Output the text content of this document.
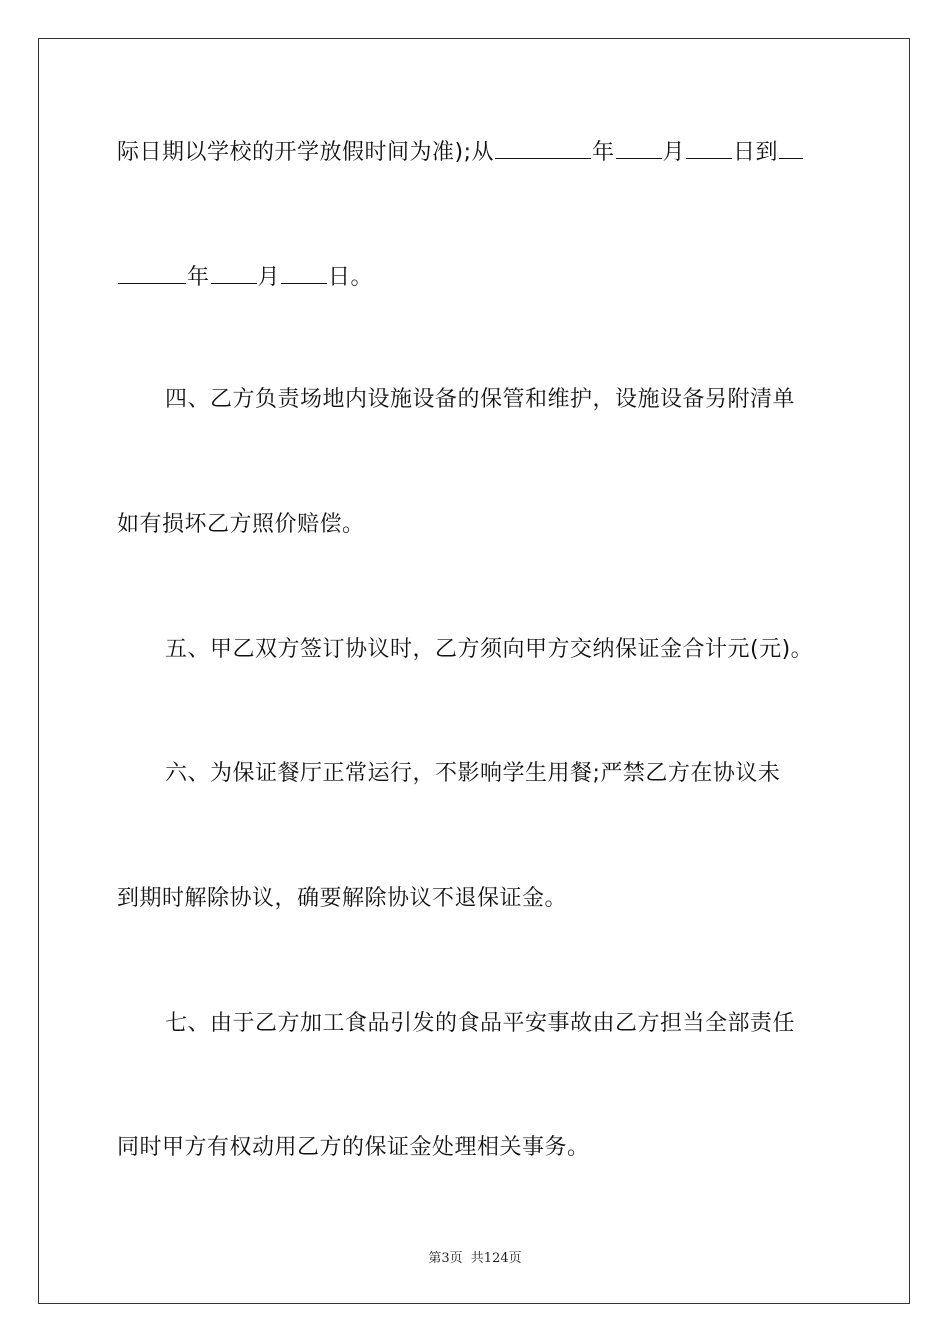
际日期以学校的开学放假时间为准);从	年 月 日到
年 月 日。
四、乙方负责场地内设施设备的保管和维护，设施设备另附清单
如有损坏乙方照价赔偿。
五、甲乙双方签订协议时，乙方须向甲方交纳保证金合计元(元)。
六、为保证餐厅正常运行，不影响学生用餐;严禁乙方在协议未
到期时解除协议，确要解除协议不退保证金。
七、由于乙方加工食品引发的食品平安事故由乙方担当全部责任
同时甲方有权动用乙方的保证金处理相关事务。
第3页 共124页
